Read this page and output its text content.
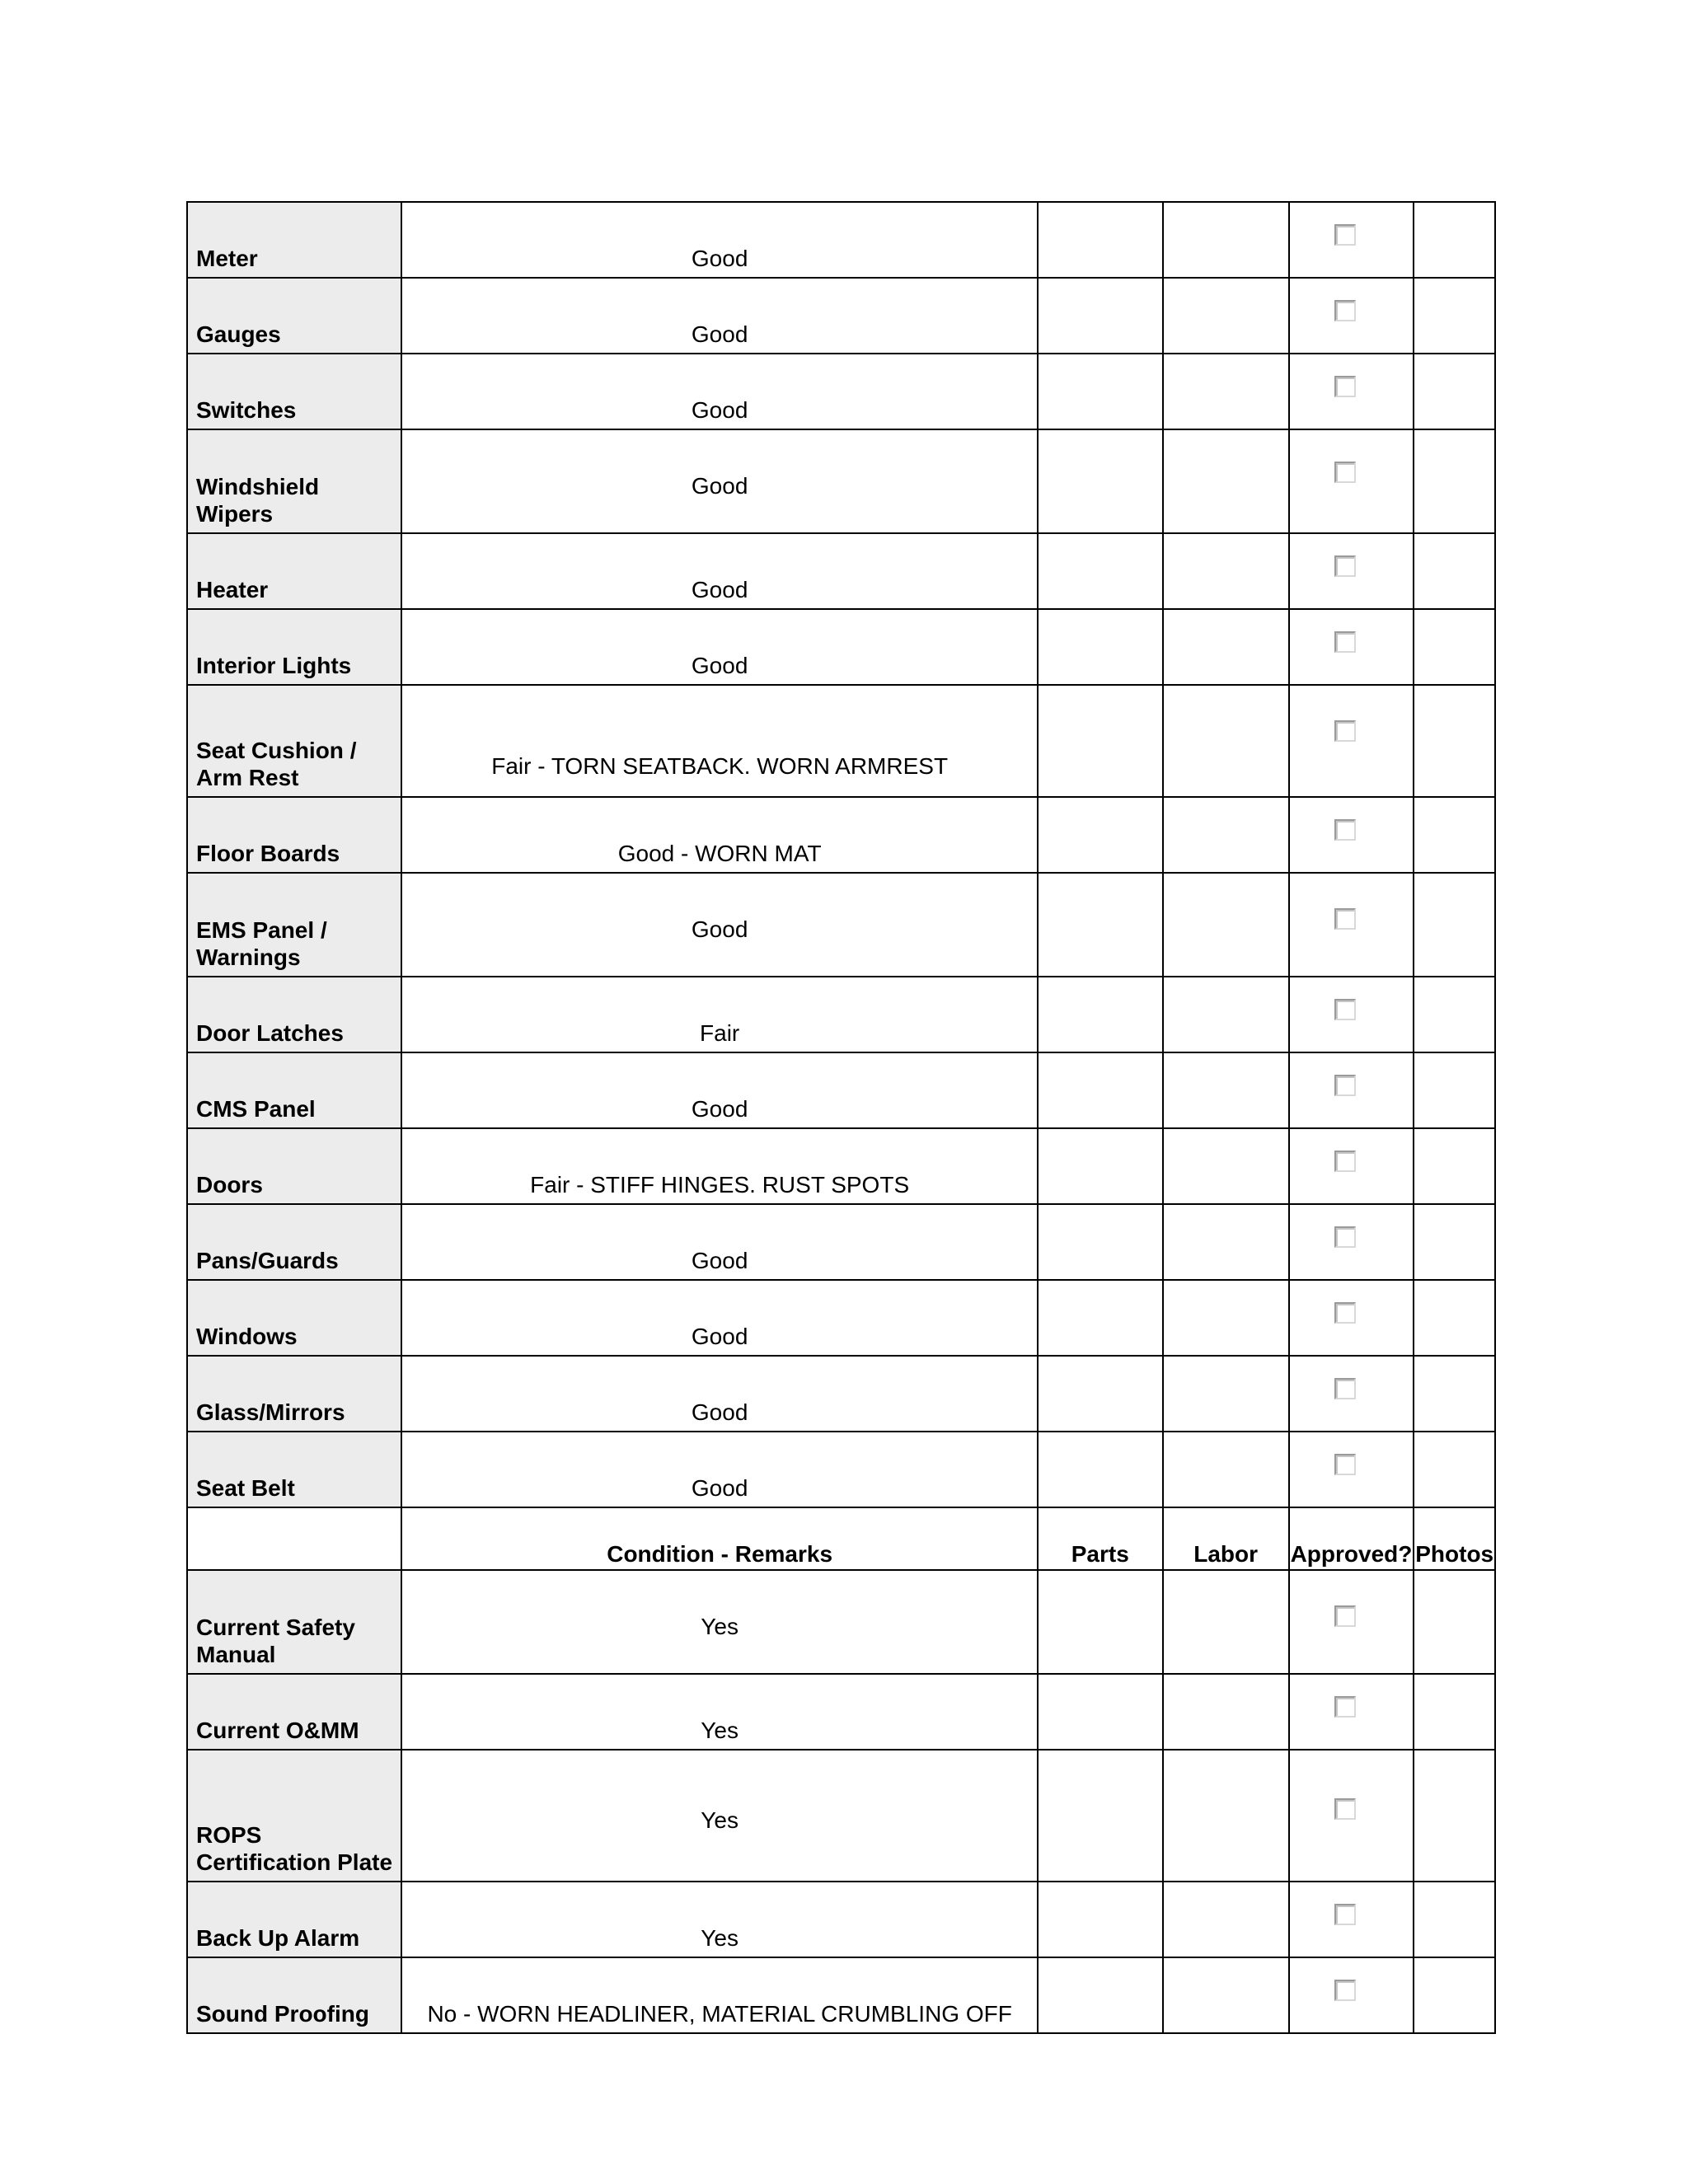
Meter	Good				
Gauges	Good				
Switches	Good				
Windshield Wipers	Good				
Heater	Good				
Interior Lights	Good				
Seat Cushion / Arm Rest	Fair - TORN SEATBACK. WORN ARMREST				
Floor Boards	Good - WORN MAT				
EMS Panel / Warnings	Good				
Door Latches	Fair				
CMS Panel	Good				
Doors	Fair - STIFF HINGES. RUST SPOTS				
Pans/Guards	Good				
Windows	Good				
Glass/Mirrors	Good				
Seat Belt	Good				
	Condition - Remarks	Parts	Labor	Approved?	Photos
Current Safety Manual	Yes				
Current O&MM	Yes				
ROPS Certification Plate	Yes				
Back Up Alarm	Yes				
Sound Proofing	No - WORN HEADLINER, MATERIAL CRUMBLING OFF				
